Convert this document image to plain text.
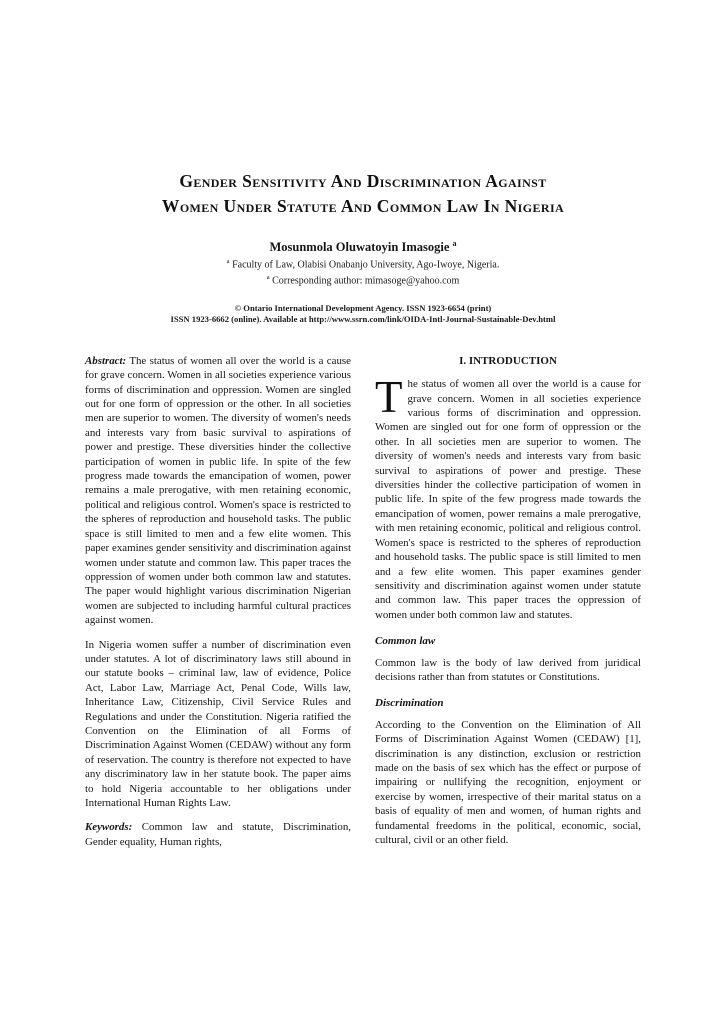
Gender Sensitivity And Discrimination Against
Women Under Statute And Common Law In Nigeria
Mosunmola Oluwatoyin Imasogie $^a$
$^a$ Faculty of Law, Olabisi Onabanjo University, Ago-Iwoye, Nigeria.
$^a$ Corresponding author: mimasoge@yahoo.com
© Ontario International Development Agency. ISSN 1923-6654 (print)
ISSN 1923-6662 (online). Available at http://www.ssrn.com/link/OIDA-Intl-Journal-Sustainable-Dev.html

Abstract: The status of women all over the world is a cause for grave concern. Women in all societies experience various forms of discrimination and oppression. Women are singled out for one form of oppression or the other. In all societies men are superior to women. The diversity of women's needs and interests vary from basic survival to aspirations of power and prestige. These diversities hinder the collective participation of women in public life. In spite of the few progress made towards the emancipation of women, power remains a male prerogative, with men retaining economic, political and religious control. Women's space is restricted to the spheres of reproduction and household tasks. The public space is still limited to men and a few elite women. This paper examines gender sensitivity and discrimination against women under statute and common law. This paper traces the oppression of women under both common law and statutes. The paper would highlight various discrimination Nigerian women are subjected to including harmful cultural practices against women.

In Nigeria women suffer a number of discrimination even under statutes. A lot of discriminatory laws still abound in our statute books – criminal law, law of evidence, Police Act, Labor Law, Marriage Act, Penal Code, Wills law, Inheritance Law, Citizenship, Civil Service Rules and Regulations and under the Constitution. Nigeria ratified the Convention on the Elimination of all Forms of Discrimination Against Women (CEDAW) without any form of reservation. The country is therefore not expected to have any discriminatory law in her statute book. The paper aims to hold Nigeria accountable to her obligations under International Human Rights Law.

Keywords: Common law and statute, Discrimination, Gender equality, Human rights,

I. INTRODUCTION

The status of women all over the world is a cause for grave concern. Women in all societies experience various forms of discrimination and oppression. Women are singled out for one form of oppression or the other. In all societies men are superior to women. The diversity of women's needs and interests vary from basic survival to aspirations of power and prestige. These diversities hinder the collective participation of women in public life. In spite of the few progress made towards the emancipation of women, power remains a male prerogative, with men retaining economic, political and religious control. Women's space is restricted to the spheres of reproduction and household tasks. The public space is still limited to men and a few elite women. This paper examines gender sensitivity and discrimination against women under statute and common law. This paper traces the oppression of women under both common law and statutes.

Common law

Common law is the body of law derived from juridical decisions rather than from statutes or Constitutions.

Discrimination

According to the Convention on the Elimination of All Forms of Discrimination Against Women (CEDAW) [1], discrimination is any distinction, exclusion or restriction made on the basis of sex which has the effect or purpose of impairing or nullifying the recognition, enjoyment or exercise by women, irrespective of their marital status on a basis of equality of men and women, of human rights and fundamental freedoms in the political, economic, social, cultural, civil or an other field.
